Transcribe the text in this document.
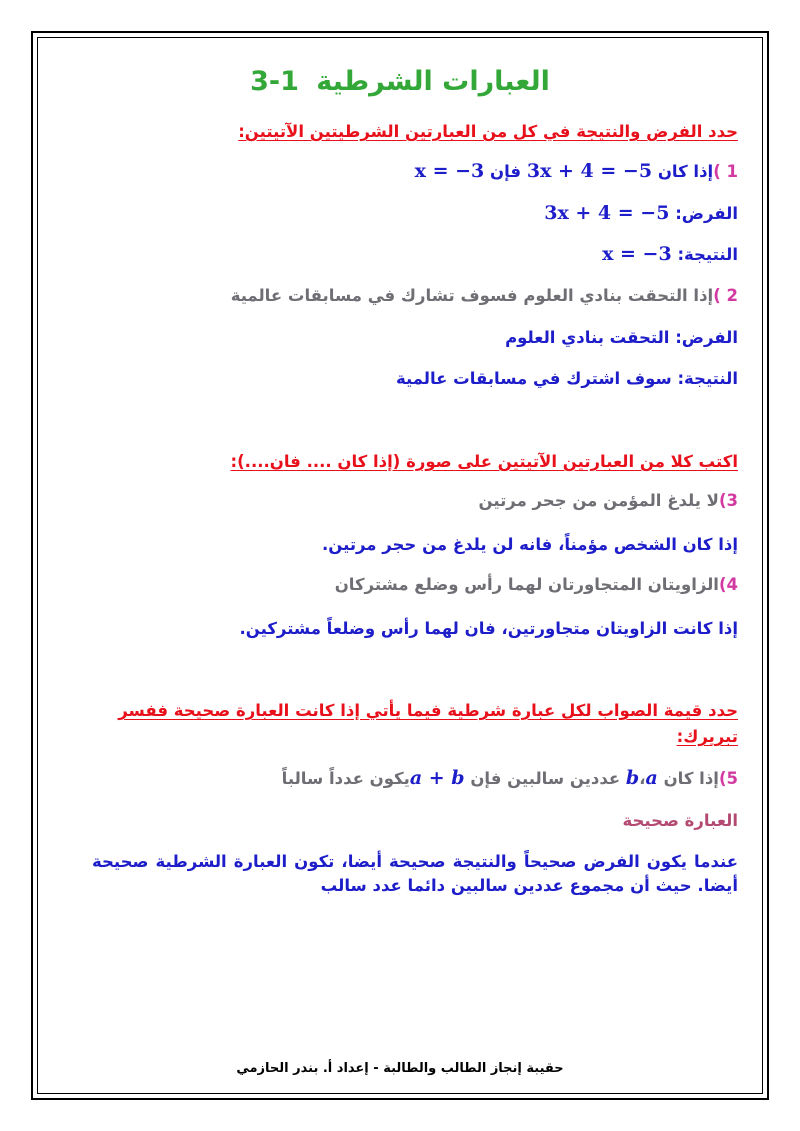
العبارات الشرطية 1-3
حدد الفرض والنتيجة في كل من العبارتين الشرطيتين الآتيتين:
1 )إذا كان 3x + 4 = −5 فإن x = −3
الفرض: 3x + 4 = −5
النتيجة: x = −3
2 )إذا التحقت بنادي العلوم فسوف تشارك في مسابقات عالمية
الفرض: التحقت بنادي العلوم
النتيجة: سوف اشترك في مسابقات عالمية
اكتب كلا من العبارتين الآتيتين على صورة (إذا كان .... فان....):
3)لا يلدغ المؤمن من جحر مرتين
إذا كان الشخص مؤمناً، فانه لن يلدغ من حجر مرتين.
4)الزاويتان المتجاورتان لهما رأس وضلع مشتركان
إذا كانت الزاويتان متجاورتين، فان لهما رأس وضلعاً مشتركين.
حدد قيمة الصواب لكل عبارة شرطية فيما يأتي إذا كانت العبارة صحيحة ففسر
تبريرك:
5)إذا كان a،b عددين سالبين فإن a + bيكون عدداً سالباً
العبارة صحيحة
عندما يكون الفرض صحيحاً والنتيجة صحيحة أيضا، تكون العبارة الشرطية صحيحة أيضا. حيث أن مجموع عددين سالبين دائما عدد سالب
حقيبة إنجاز الطالب والطالبة - إعداد أ. بندر الحازمي
